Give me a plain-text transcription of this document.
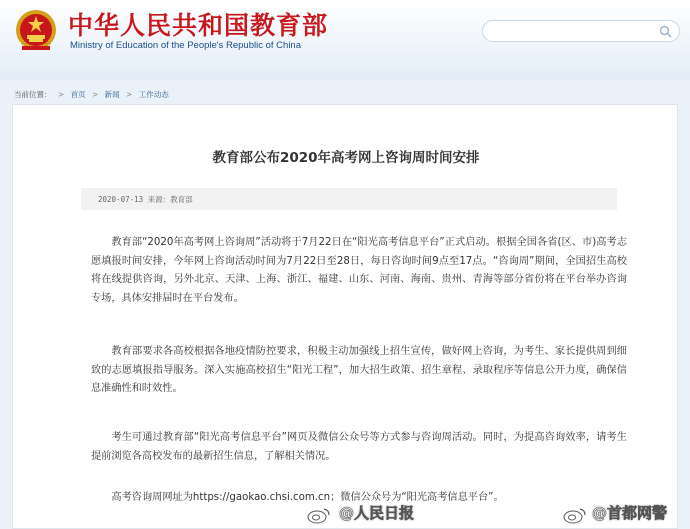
中华人民共和国教育部
Ministry of Education of the People's Republic of China
当前位置： > 首页 > 新闻 > 工作动态
教育部公布2020年高考网上咨询周时间安排
2020-07-13 来源：教育部

教育部“2020年高考网上咨询周”活动将于7月22日在“阳光高考信息平台”正式启动。根据全国各省(区、市)高考志愿填报时间安排，今年网上咨询活动时间为7月22日至28日，每日咨询时间9点至17点。“咨询周”期间，全国招生高校将在线提供咨询，另外北京、天津、上海、浙江、福建、山东、河南、海南、贵州、青海等部分省份将在平台举办咨询专场，具体安排届时在平台发布。

教育部要求各高校根据各地疫情防控要求，积极主动加强线上招生宣传，做好网上咨询，为考生、家长提供周到细致的志愿填报指导服务。深入实施高校招生“阳光工程”，加大招生政策、招生章程、录取程序等信息公开力度，确保信息准确性和时效性。

考生可通过教育部“阳光高考信息平台”网页及微信公众号等方式参与咨询周活动。同时，为提高咨询效率，请考生提前浏览各高校发布的最新招生信息，了解相关情况。

高考咨询周网址为https://gaokao.chsi.com.cn；微信公众号为“阳光高考信息平台”。

@人民日报	@首都网警
